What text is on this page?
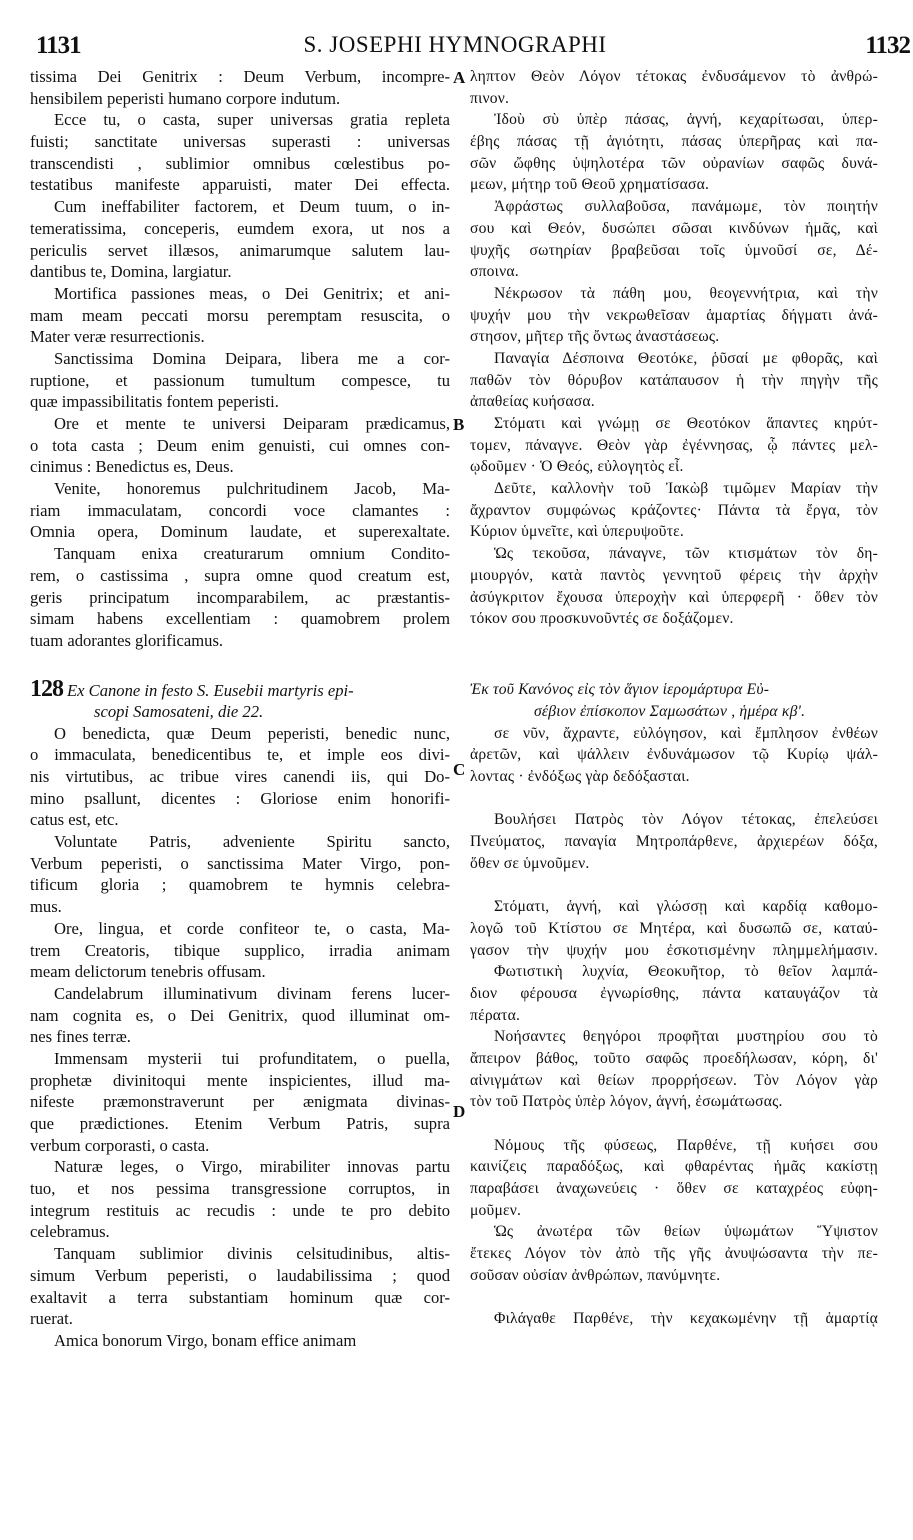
1131	S. JOSEPHI HYMNOGRAPHI	1132
A
B
C
D
tissima Dei Genitrix : Deum Verbum, incompre-
hensibilem peperisti humano corpore indutum.
Ecce tu, o casta, super universas gratia repleta
fuisti; sanctitate universas superasti : universas
transcendisti , sublimior omnibus cœlestibus po-
testatibus manifeste apparuisti, mater Dei effecta.
Cum ineffabiliter factorem, et Deum tuum, o in-
temeratissima, conceperis, eumdem exora, ut nos a
periculis servet illæsos, animarumque salutem lau-
dantibus te, Domina, largiatur.
Mortifica passiones meas, o Dei Genitrix; et ani-
mam meam peccati morsu peremptam resuscita, o
Mater veræ resurrectionis.
Sanctissima Domina Deipara, libera me a cor-
ruptione, et passionum tumultum compesce, tu
quæ impassibilitatis fontem peperisti.
Ore et mente te universi Deiparam prædicamus,
o tota casta ; Deum enim genuisti, cui omnes con-
cinimus : Benedictus es, Deus.
Venite, honoremus pulchritudinem Jacob, Ma-
riam immaculatam, concordi voce clamantes :
Omnia opera, Dominum laudate, et superexaltate.
Tanquam enixa creaturarum omnium Condito-
rem, o castissima , supra omne quod creatum est,
geris principatum incomparabilem, ac præstantis-
simam habens excellentiam : quamobrem prolem
tuam adorantes glorificamus.
128 Ex Canone in festo S. Eusebii martyris epi-
scopi Samosateni, die 22.
O benedicta, quæ Deum peperisti, benedic nunc,
o immaculata, benedicentibus te, et imple eos divi-
nis virtutibus, ac tribue vires canendi iis, qui Do-
mino psallunt, dicentes : Gloriose enim honorifi-
catus est, etc.
Voluntate Patris, adveniente Spiritu sancto,
Verbum peperisti, o sanctissima Mater Virgo, pon-
tificum gloria ; quamobrem te hymnis celebra-
mus.
Ore, lingua, et corde confiteor te, o casta, Ma-
trem Creatoris, tibique supplico, irradia animam
meam delictorum tenebris offusam.
Candelabrum illuminativum divinam ferens lucer-
nam cognita es, o Dei Genitrix, quod illuminat om-
nes fines terræ.
Immensam mysterii tui profunditatem, o puella,
prophetæ divinitoqui mente inspicientes, illud ma-
nifeste præmonstraverunt per ænigmata divinas-
que prædictiones. Etenim Verbum Patris, supra
verbum corporasti, o casta.
Naturæ leges, o Virgo, mirabiliter innovas partu
tuo, et nos pessima transgressione corruptos, in
integrum restituis ac recudis : unde te pro debito
celebramus.
Tanquam sublimior divinis celsitudinibus, altis-
simum Verbum peperisti, o laudabilissima ; quod
exaltavit a terra substantiam hominum quæ cor-
ruerat.
Amica bonorum Virgo, bonam effice animam
ληπτον Θεὸν Λόγον τέτοκας ἐνδυσάμενον τὸ ἀνθρώ-
πινον.
Ἰδοὺ σὺ ὑπὲρ πάσας, ἁγνή, κεχαρίτωσαι, ὑπερ-
έβης πάσας τῇ ἁγιότητι, πάσας ὑπερῆρας καὶ πα-
σῶν ὤφθης ὑψηλοτέρα τῶν οὐρανίων σαφῶς δυνά-
μεων, μήτηρ τοῦ Θεοῦ χρηματίσασα.
Ἀφράστως συλλαβοῦσα, πανάμωμε, τὸν ποιητήν
σου καὶ Θεόν, δυσώπει σῶσαι κινδύνων ἡμᾶς, καὶ
ψυχῆς σωτηρίαν βραβεῦσαι τοῖς ὑμνοῦσί σε, Δέ-
σποινα.
Νέκρωσον τὰ πάθη μου, θεογεννήτρια, καὶ τὴν
ψυχήν μου τὴν νεκρωθεῖσαν ἁμαρτίας δήγματι ἀνά-
στησον, μῆτερ τῆς ὄντως ἀναστάσεως.
Παναγία Δέσποινα Θεοτόκε, ῥῦσαί με φθορᾶς, καὶ
παθῶν τὸν θόρυβον κατάπαυσον ἡ τὴν πηγὴν τῆς
ἀπαθείας κυήσασα.
Στόματι καὶ γνώμῃ σε Θεοτόκον ἅπαντες κηρύτ-
τομεν, πάναγνε. Θεὸν γὰρ ἐγέννησας, ᾧ πάντες μελ-
ῳδοῦμεν · Ὁ Θεός, εὐλογητὸς εἶ.
Δεῦτε, καλλονὴν τοῦ Ἰακὼβ τιμῶμεν Μαρίαν τὴν
ἄχραντον συμφώνως κράζοντες· Πάντα τὰ ἔργα, τὸν
Κύριον ὑμνεῖτε, καὶ ὑπερυψοῦτε.
Ὡς τεκοῦσα, πάναγνε, τῶν κτισμάτων τὸν δη-
μιουργόν, κατὰ παντὸς γεννητοῦ φέρεις τὴν ἀρχὴν
ἀσύγκριτον ἔχουσα ὑπεροχὴν καὶ ὑπερφερῆ · ὅθεν τὸν
τόκον σου προσκυνοῦντές σε δοξάζομεν.
Ἐκ τοῦ Κανόνος εἰς τὸν ἅγιον ἱερομάρτυρα Εὐ-
σέβιον ἐπίσκοπον Σαμωσάτων , ἡμέρα κβ'.
σε νῦν, ἄχραντε, εὐλόγησον, καὶ ἔμπλησον ἐνθέων
ἀρετῶν, καὶ ψάλλειν ἐνδυνάμωσον τῷ Κυρίῳ ψάλ-
λοντας · ἐνδόξως γὰρ δεδόξασται.
Βουλήσει Πατρὸς τὸν Λόγον τέτοκας, ἐπελεύσει
Πνεύματος, παναγία Μητροπάρθενε, ἀρχιερέων δόξα,
ὅθεν σε ὑμνοῦμεν.
Στόματι, ἁγνή, καὶ γλώσσῃ καὶ καρδίᾳ καθομο-
λογῶ τοῦ Κτίστου σε Μητέρα, καὶ δυσωπῶ σε, καταύ-
γασον τὴν ψυχήν μου ἐσκοτισμένην πλημμελήμασιν.
Φωτιστικὴ λυχνία, Θεοκυῆτορ, τὸ θεῖον λαμπά-
διον φέρουσα ἐγνωρίσθης, πάντα καταυγάζον τὰ
πέρατα.
Νοήσαντες θεηγόροι προφῆται μυστηρίου σου τὸ
ἄπειρον βάθος, τοῦτο σαφῶς προεδήλωσαν, κόρη, δι'
αἰνιγμάτων καὶ θείων προρρήσεων. Τὸν Λόγον γὰρ
τὸν τοῦ Πατρὸς ὑπὲρ λόγον, ἁγνή, ἐσωμάτωσας.
Νόμους τῆς φύσεως, Παρθένε, τῇ κυήσει σου
καινίζεις παραδόξως, καὶ φθαρέντας ἡμᾶς κακίστῃ
παραβάσει ἀναχωνεύεις · ὅθεν σε καταχρέος εὐφη-
μοῦμεν.
Ὡς ἀνωτέρα τῶν θείων ὑψωμάτων Ὕψιστον
ἔτεκες Λόγον τὸν ἀπὸ τῆς γῆς ἀνυψώσαντα τὴν πε-
σοῦσαν οὐσίαν ἀνθρώπων, πανύμνητε.
Φιλάγαθε Παρθένε, τὴν κεχακωμένην τῇ ἁμαρτίᾳ
